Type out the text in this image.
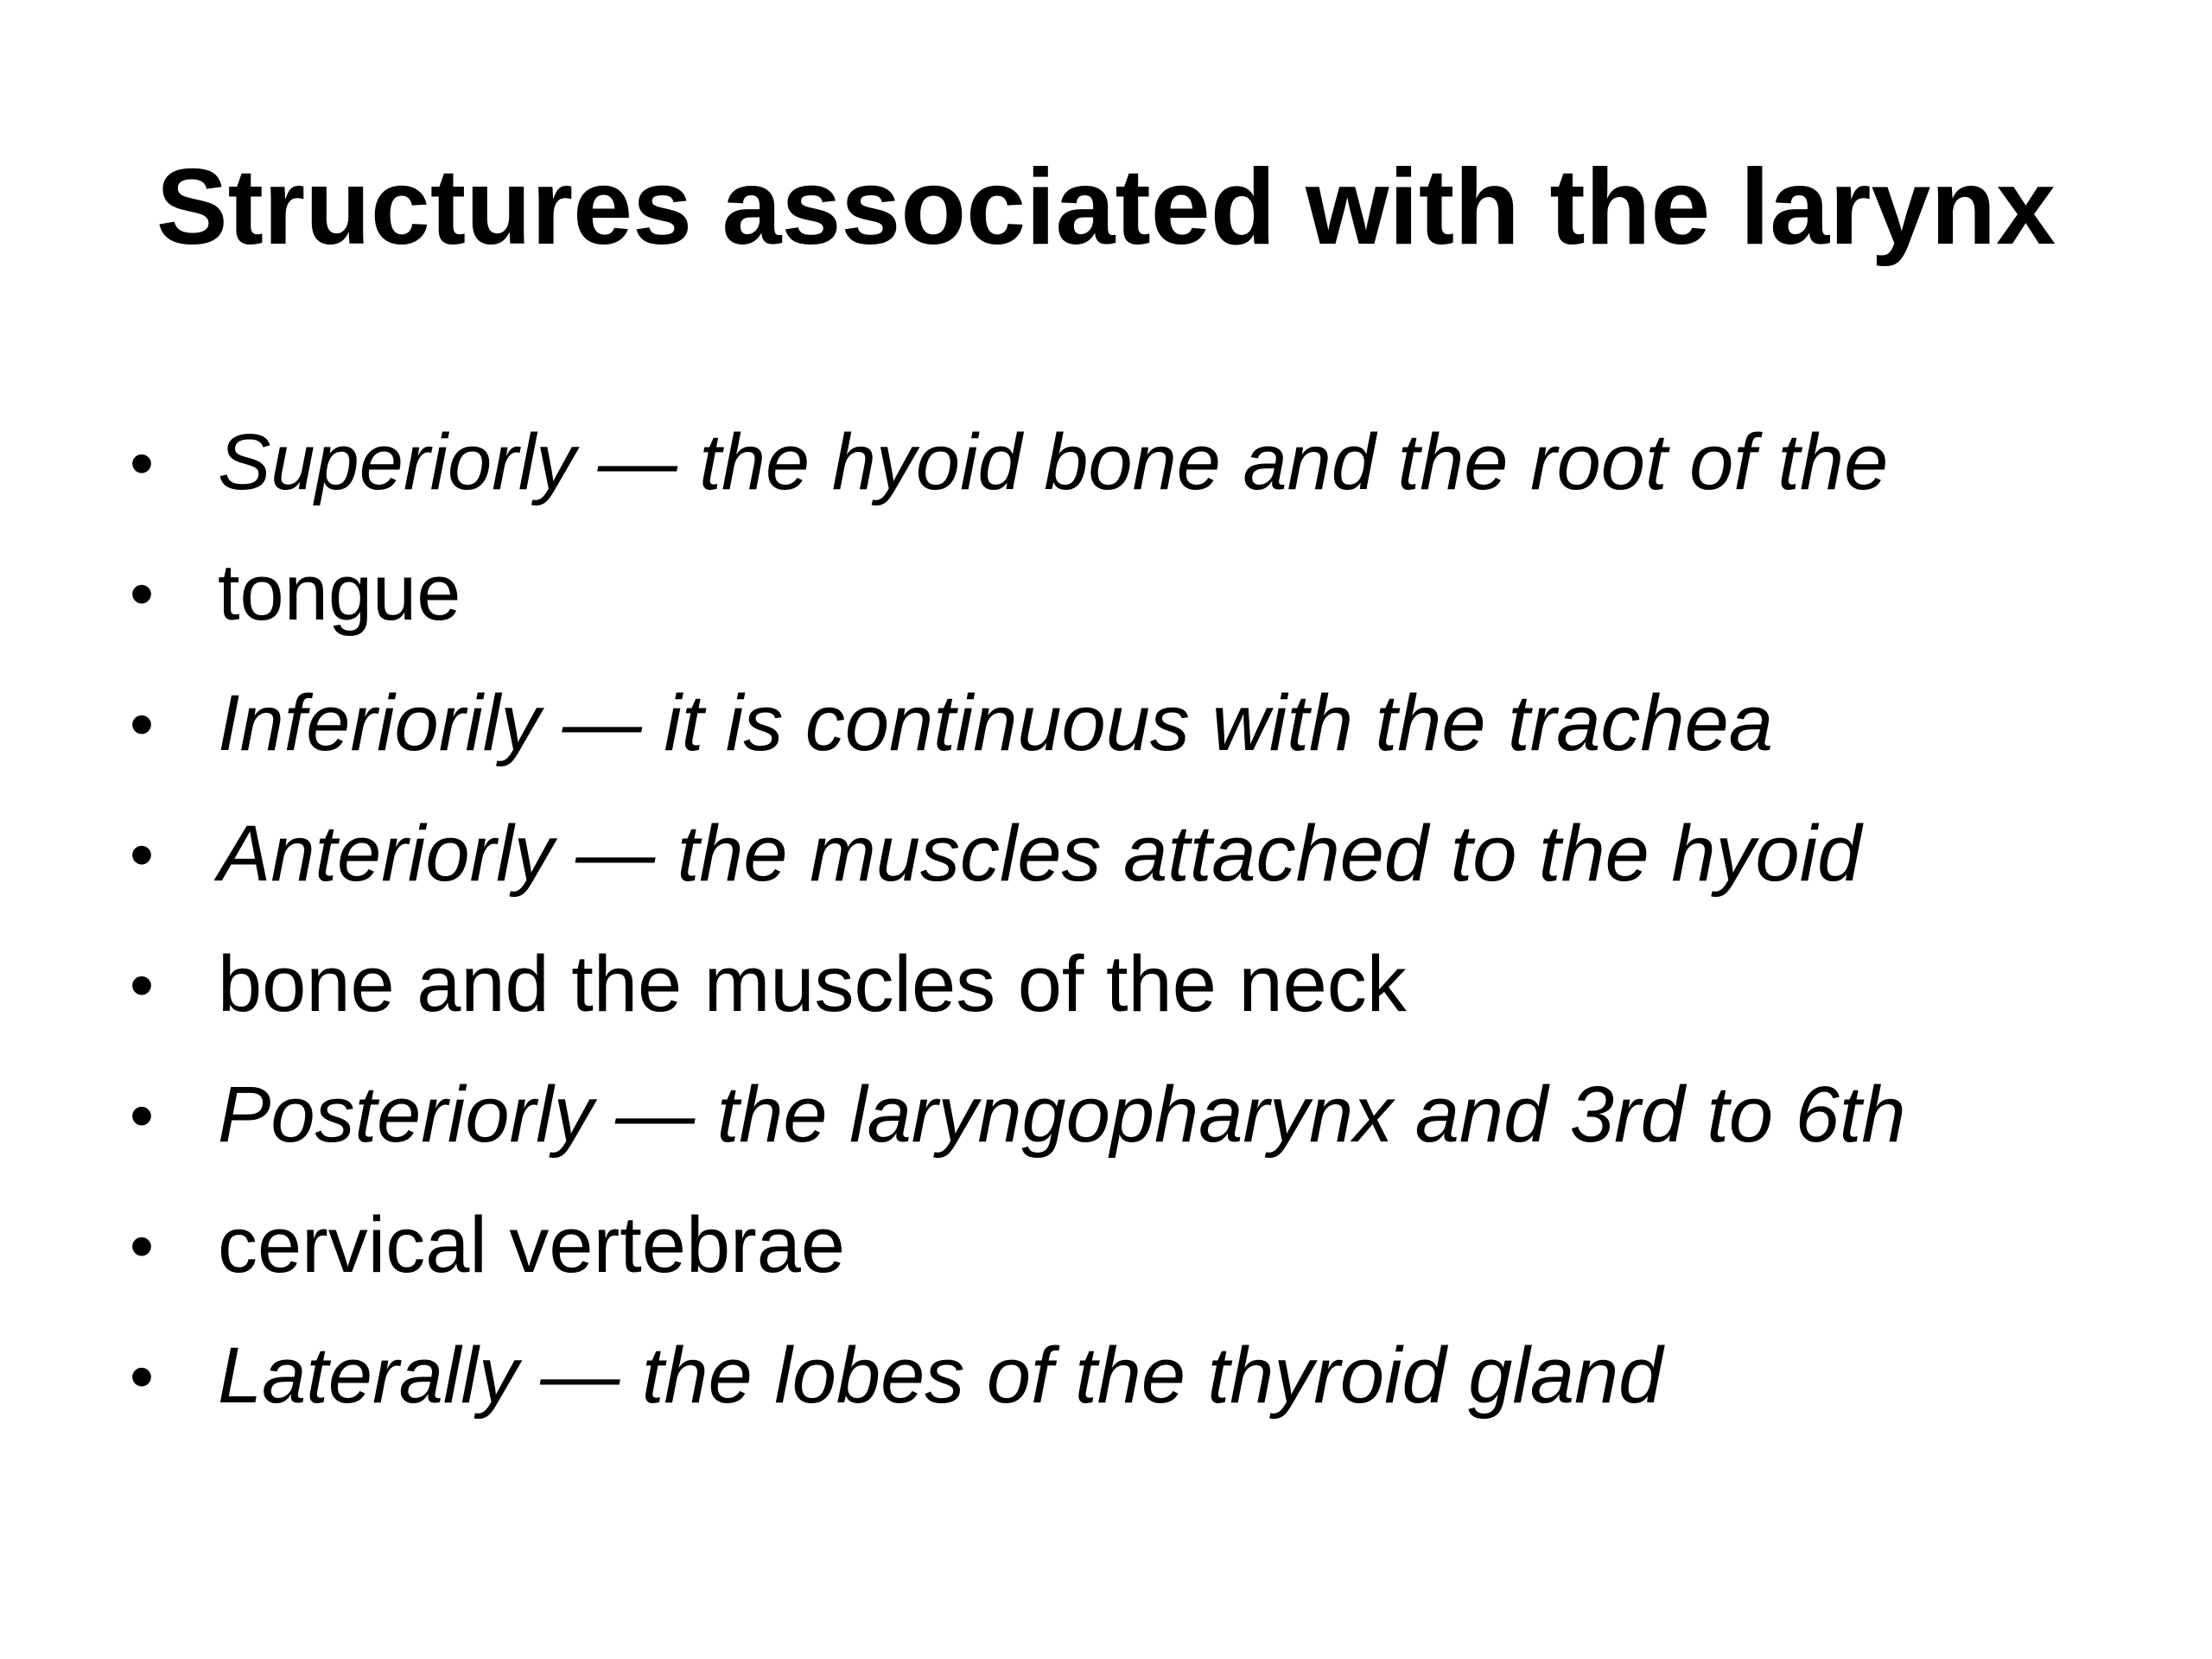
Structures associated with the larynx
• Superiorly — the hyoid bone and the root of the
• tongue
• Inferiorily — it is continuous with the trachea
• Anteriorly — the muscles attached to the hyoid
• bone and the muscles of the neck
• Posteriorly — the laryngopharynx and 3rd to 6th
• cervical vertebrae
• Laterally — the lobes of the thyroid gland
